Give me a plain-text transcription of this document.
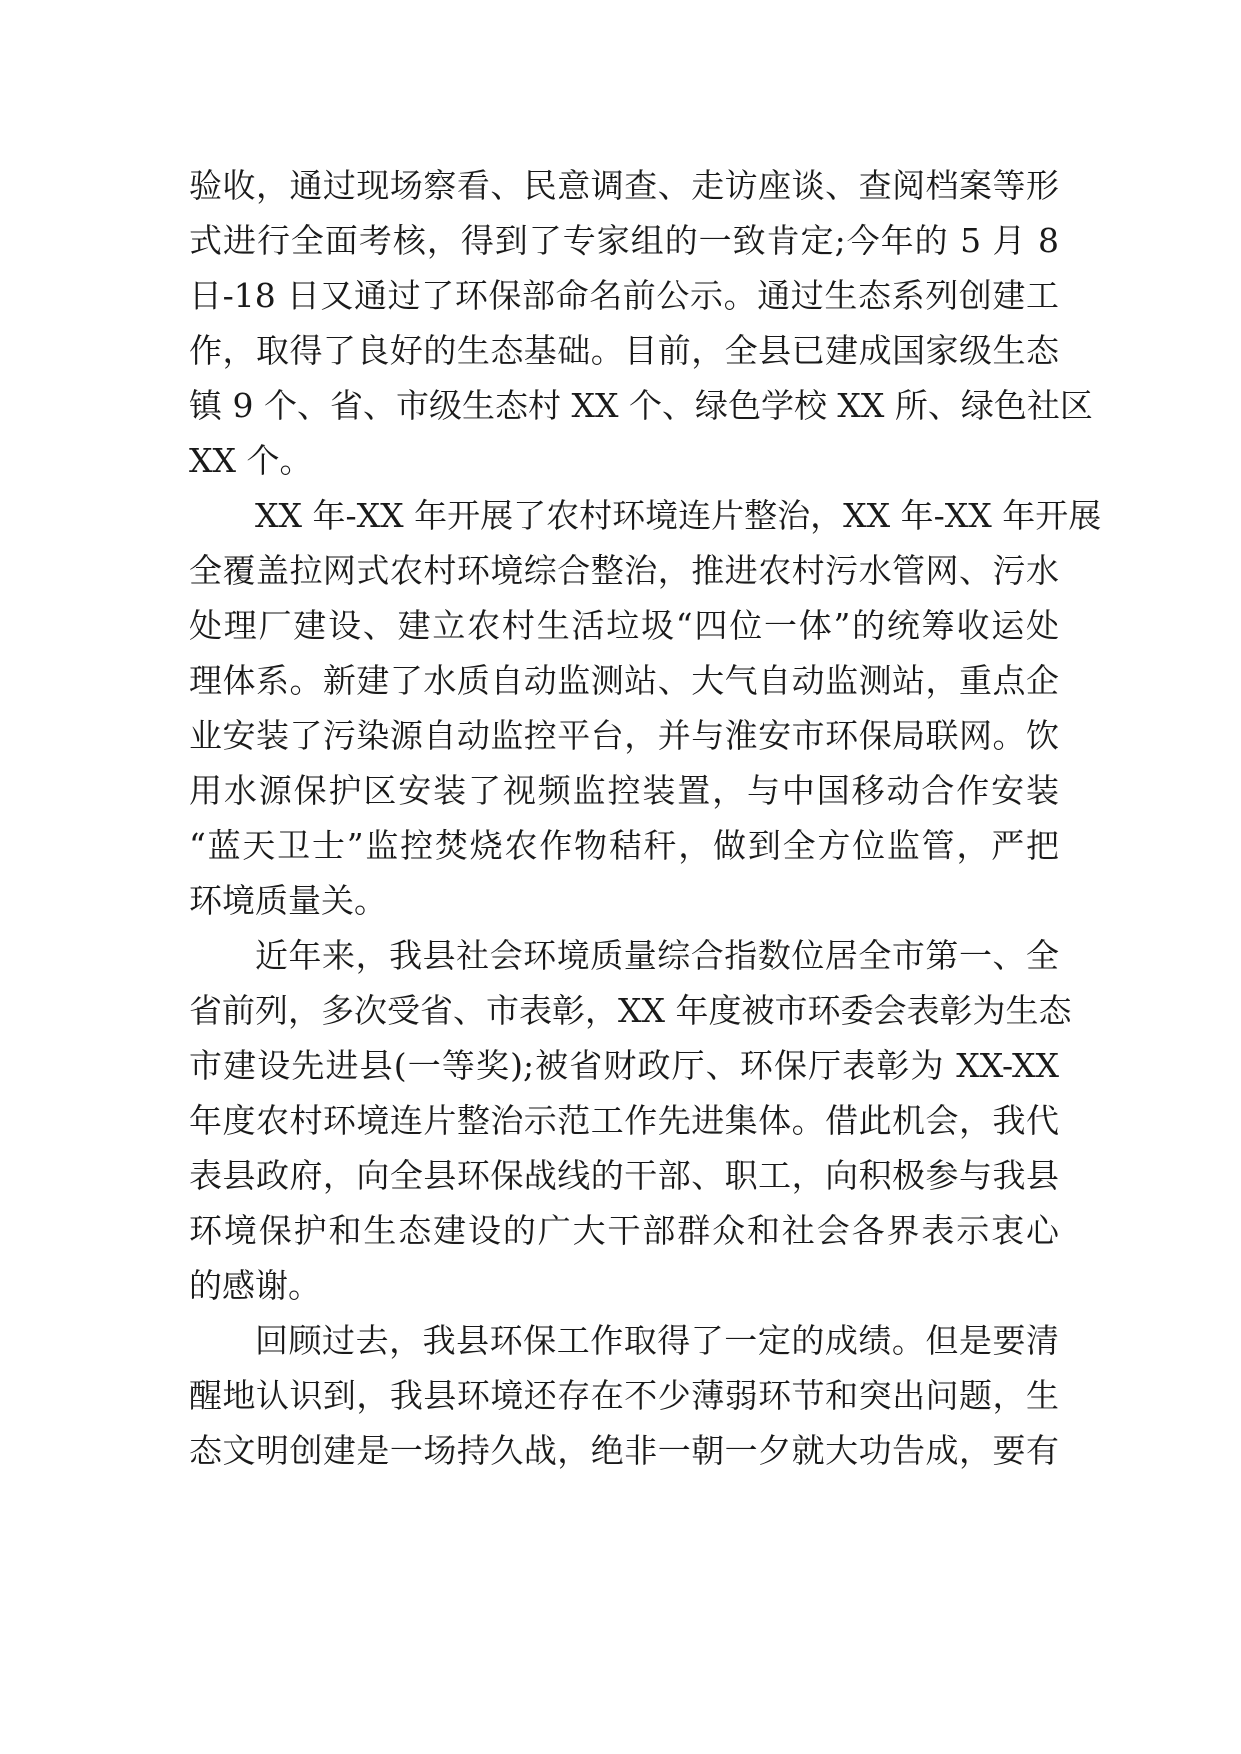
验收，通过现场察看、民意调查、走访座谈、查阅档案等形
式进行全面考核，得到了专家组的一致肯定;今年的 5 月 8
日-18 日又通过了环保部命名前公示。通过生态系列创建工
作，取得了良好的生态基础。目前，全县已建成国家级生态
镇 9 个、省、市级生态村 XX 个、绿色学校 XX 所、绿色社区
XX 个。
XX 年-XX 年开展了农村环境连片整治，XX 年-XX 年开展
全覆盖拉网式农村环境综合整治，推进农村污水管网、污水
处理厂建设、建立农村生活垃圾“四位一体”的统筹收运处
理体系。新建了水质自动监测站、大气自动监测站，重点企
业安装了污染源自动监控平台，并与淮安市环保局联网。饮
用水源保护区安装了视频监控装置，与中国移动合作安装
“蓝天卫士”监控焚烧农作物秸秆，做到全方位监管，严把
环境质量关。
近年来，我县社会环境质量综合指数位居全市第一、全
省前列，多次受省、市表彰，XX 年度被市环委会表彰为生态
市建设先进县(一等奖);被省财政厅、环保厅表彰为 XX-XX
年度农村环境连片整治示范工作先进集体。借此机会，我代
表县政府，向全县环保战线的干部、职工，向积极参与我县
环境保护和生态建设的广大干部群众和社会各界表示衷心
的感谢。
回顾过去，我县环保工作取得了一定的成绩。但是要清
醒地认识到，我县环境还存在不少薄弱环节和突出问题，生
态文明创建是一场持久战，绝非一朝一夕就大功告成，要有
